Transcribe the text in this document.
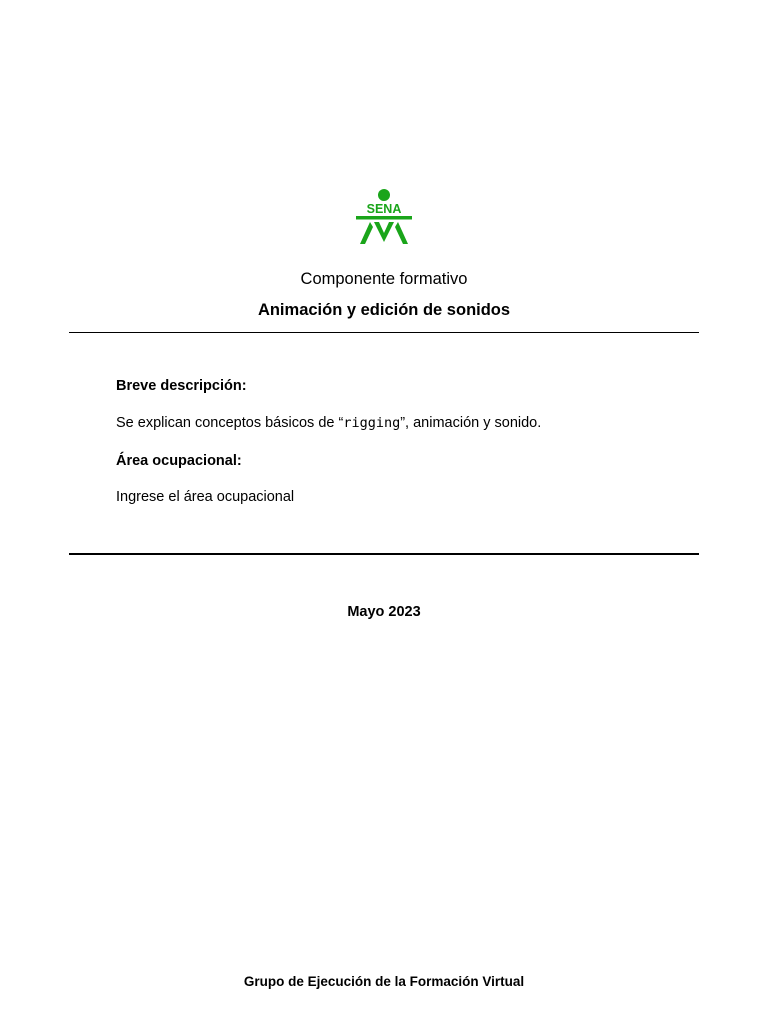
SENA
Componente formativo
Animación y edición de sonidos
Breve descripción:
Se explican conceptos básicos de “rigging”, animación y sonido.
Área ocupacional:
Ingrese el área ocupacional
Mayo 2023
Grupo de Ejecución de la Formación Virtual
